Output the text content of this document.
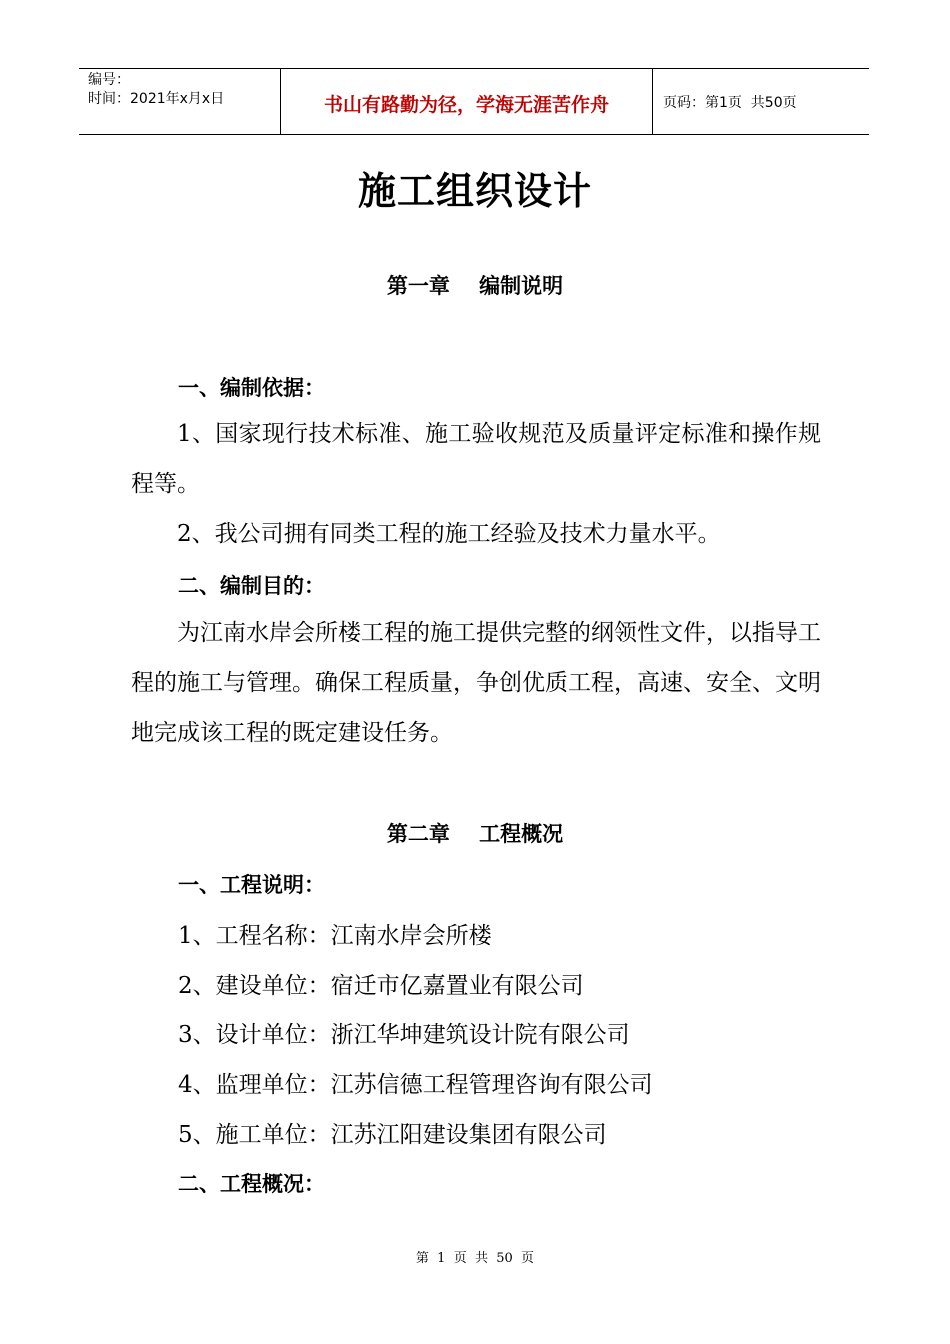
编号：
时间：2021年x月x日	书山有路勤为径，学海无涯苦作舟	页码：第1页  共50页
施工组织设计
第一章    编制说明
一、编制依据：
1、国家现行技术标准、施工验收规范及质量评定标准和操作规程等。
2、我公司拥有同类工程的施工经验及技术力量水平。
二、编制目的：
为江南水岸会所楼工程的施工提供完整的纲领性文件，以指导工程的施工与管理。确保工程质量，争创优质工程，高速、安全、文明地完成该工程的既定建设任务。
第二章    工程概况
一、工程说明：
1、工程名称：江南水岸会所楼
2、建设单位：宿迁市亿嘉置业有限公司
3、设计单位：浙江华坤建筑设计院有限公司
4、监理单位：江苏信德工程管理咨询有限公司
5、施工单位：江苏江阳建设集团有限公司
二、工程概况：
第  1  页  共  50  页
